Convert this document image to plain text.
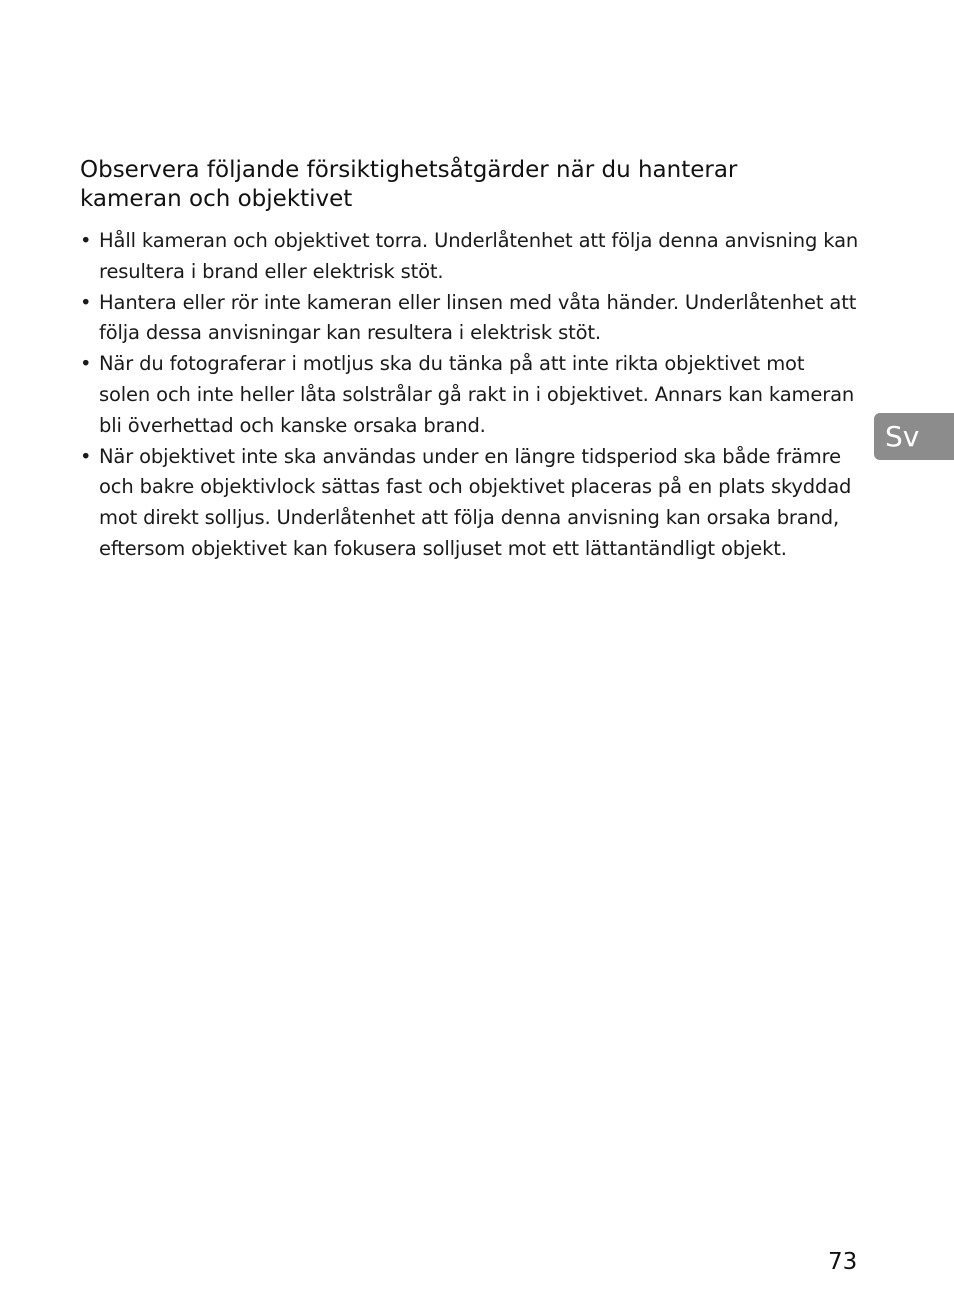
Observera följande försiktighetsåtgärder när du hanterar kameran och objektivet
• Håll kameran och objektivet torra. Underlåtenhet att följa denna anvisning kan resultera i brand eller elektrisk stöt.
• Hantera eller rör inte kameran eller linsen med våta händer. Underlåtenhet att följa dessa anvisningar kan resultera i elektrisk stöt.
• När du fotograferar i motljus ska du tänka på att inte rikta objektivet mot solen och inte heller låta solstrålar gå rakt in i objektivet. Annars kan kameran bli överhettad och kanske orsaka brand.
• När objektivet inte ska användas under en längre tidsperiod ska både främre och bakre objektivlock sättas fast och objektivet placeras på en plats skyddad mot direkt solljus. Underlåtenhet att följa denna anvisning kan orsaka brand, eftersom objektivet kan fokusera solljuset mot ett lättantändligt objekt.
Sv
73
